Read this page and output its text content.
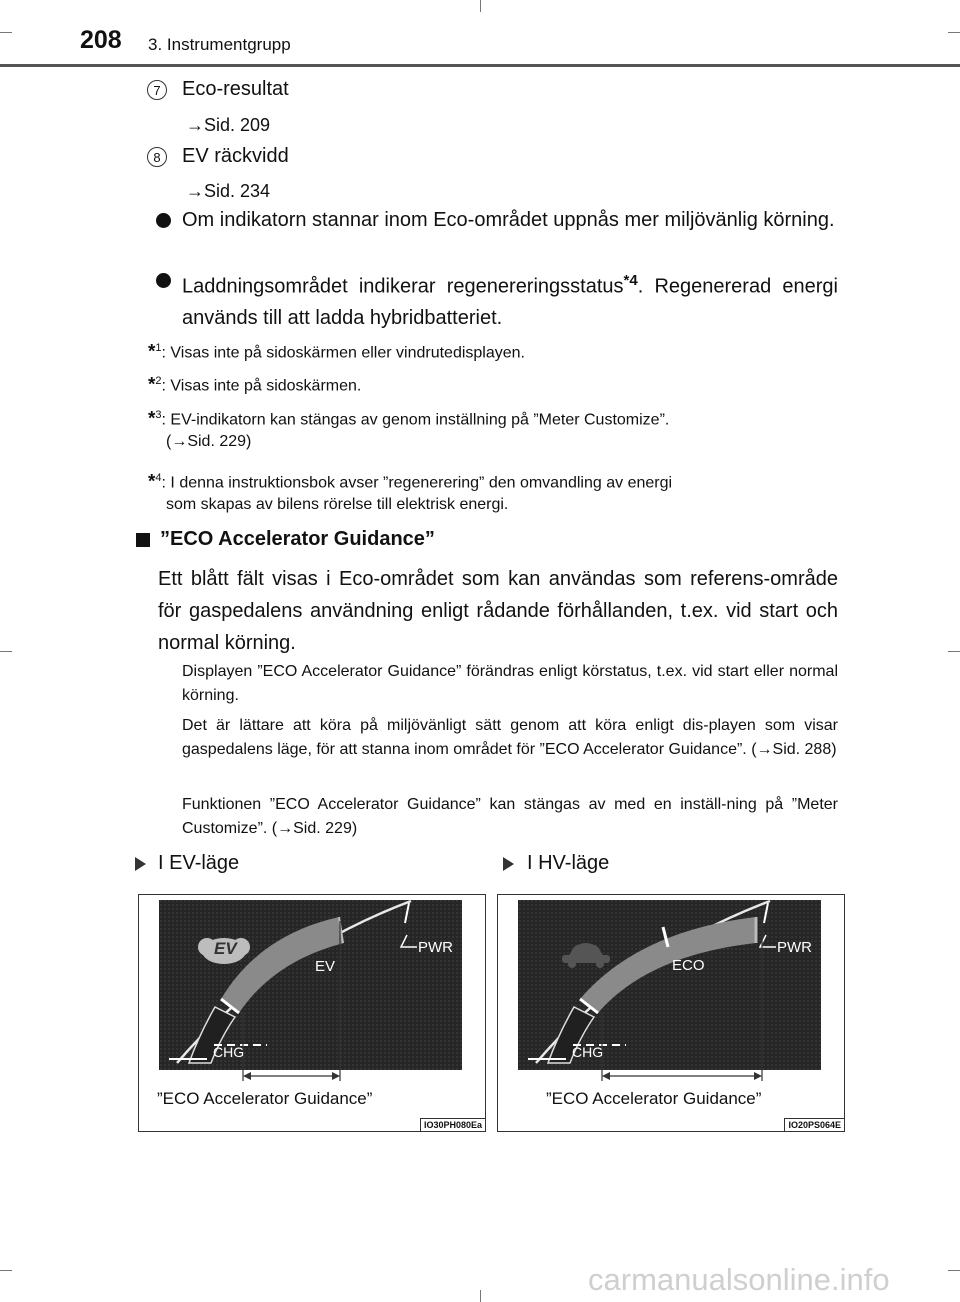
208 3. Instrumentgrupp
7	Eco-resultat
→Sid. 209
8	EV räckvidd
→Sid. 234
Om indikatorn stannar inom Eco-området uppnås mer miljövänlig körning.
Laddningsområdet indikerar regenereringsstatus$^{*4}$. Regenererad energi används till att ladda hybridbatteriet.
*$^1$: Visas inte på sidoskärmen eller vindrutedisplayen.
*$^2$: Visas inte på sidoskärmen.
*$^3$: EV-indikatorn kan stängas av genom inställning på ”Meter Customize”.
(→Sid. 229)
*$^4$: I denna instruktionsbok avser ”regenerering” den omvandling av energi
som skapas av bilens rörelse till elektrisk energi.
”ECO Accelerator Guidance”
Ett blått fält visas i Eco-området som kan användas som referens-område för gaspedalens användning enligt rådande förhållanden, t.ex. vid start och normal körning.
Displayen ”ECO Accelerator Guidance” förändras enligt körstatus, t.ex. vid start eller normal körning.
Det är lättare att köra på miljövänligt sätt genom att köra enligt dis-playen som visar gaspedalens läge, för att stanna inom området för ”ECO Accelerator Guidance”. (→Sid. 288)
Funktionen ”ECO Accelerator Guidance” kan stängas av med en inställ-ning på ”Meter Customize”. (→Sid. 229)
I EV-läge	I HV-läge
EV
EV
PWR
CHG
”ECO Accelerator Guidance”
IO30PH080Ea
ECO
PWR
CHG
”ECO Accelerator Guidance”
IO20PS064E
carmanualsonline.info
